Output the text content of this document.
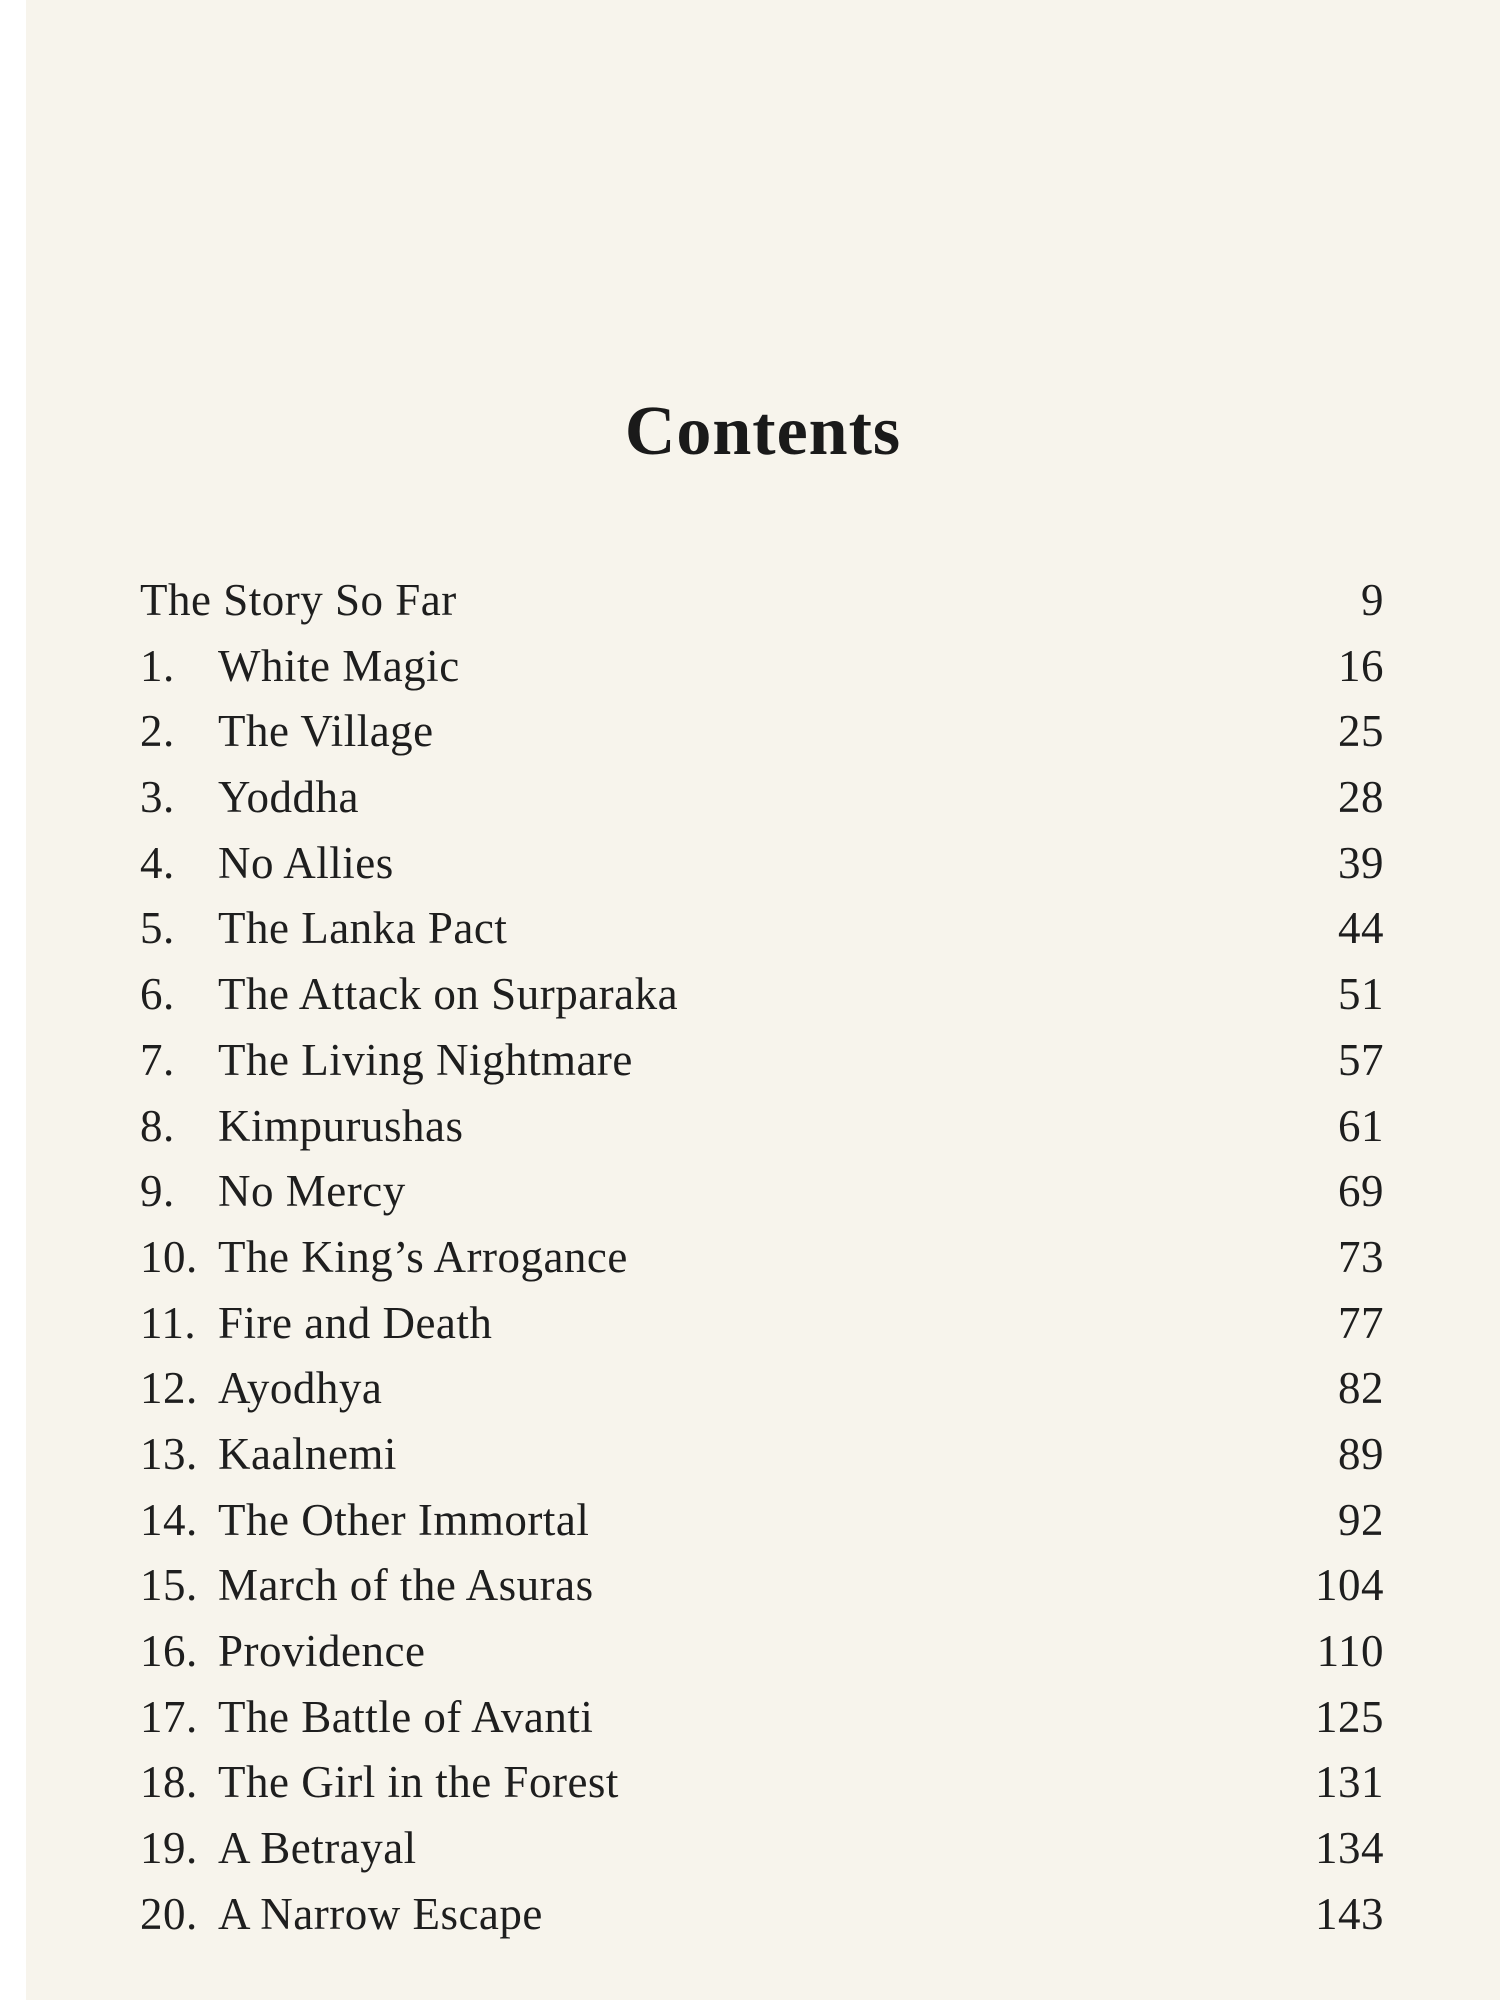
Contents
The Story So Far	9
1. White Magic	16
2. The Village	25
3. Yoddha	28
4. No Allies	39
5. The Lanka Pact	44
6. The Attack on Surparaka	51
7. The Living Nightmare	57
8. Kimpurushas	61
9. No Mercy	69
10. The King’s Arrogance	73
11. Fire and Death	77
12. Ayodhya	82
13. Kaalnemi	89
14. The Other Immortal	92
15. March of the Asuras	104
16. Providence	110
17. The Battle of Avanti	125
18. The Girl in the Forest	131
19. A Betrayal	134
20. A Narrow Escape	143
